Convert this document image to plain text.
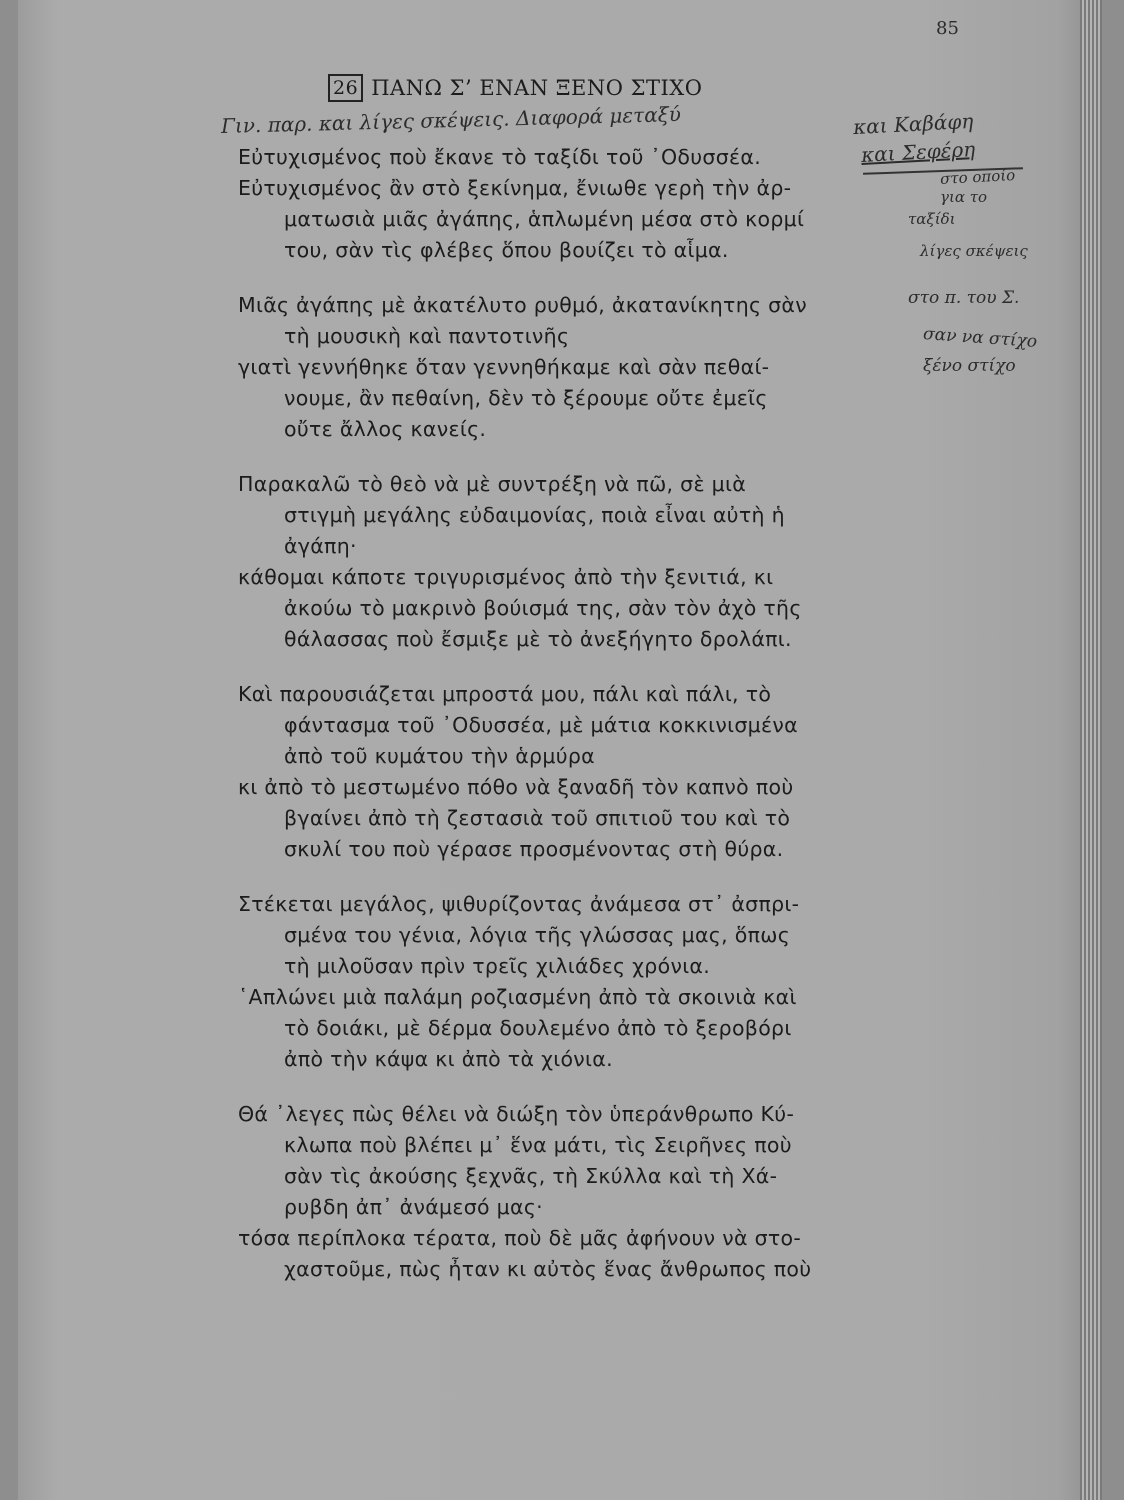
85
26 ΠΑΝΩ Σ’ ΕΝΑΝ ΞΕΝΟ ΣΤΙΧΟ
Γιν. παρ. και λίγες σκέψεις. Διαφορά μεταξύ	και Καβάφη
και Σεφέρη
στο οποίο
για το
ταξίδι
λίγες σκέψεις
στο π. του Σ.
σαν να στίχο
ξένο στίχο
Εὐτυχισμένος ποὺ ἔκανε τὸ ταξίδι τοῦ ᾿Οδυσσέα.
Εὐτυχισμένος ἂν στὸ ξεκίνημα, ἔνιωθε γερὴ τὴν ἀρ-
ματωσιὰ μιᾶς ἀγάπης, ἁπλωμένη μέσα στὸ κορμί
του, σὰν τὶς φλέβες ὅπου βουίζει τὸ αἷμα.
Μιᾶς ἀγάπης μὲ ἀκατέλυτο ρυθμό, ἀκατανίκητης σὰν
τὴ μουσικὴ καὶ παντοτινῆς
γιατὶ γεννήθηκε ὅταν γεννηθήκαμε καὶ σὰν πεθαί-
νουμε, ἂν πεθαίνη, δὲν τὸ ξέρουμε οὔτε ἐμεῖς
οὔτε ἄλλος κανείς.
Παρακαλῶ τὸ θεὸ νὰ μὲ συντρέξη νὰ πῶ, σὲ μιὰ
στιγμὴ μεγάλης εὐδαιμονίας, ποιὰ εἶναι αὐτὴ ἡ
ἀγάπη·
κάθομαι κάποτε τριγυρισμένος ἀπὸ τὴν ξενιτιά, κι
ἀκούω τὸ μακρινὸ βούισμά της, σὰν τὸν ἀχὸ τῆς
θάλασσας ποὺ ἔσμιξε μὲ τὸ ἀνεξήγητο δρολάπι.
Καὶ παρουσιάζεται μπροστά μου, πάλι καὶ πάλι, τὸ
φάντασμα τοῦ ᾿Οδυσσέα, μὲ μάτια κοκκινισμένα
ἀπὸ τοῦ κυμάτου τὴν ἁρμύρα
κι ἀπὸ τὸ μεστωμένο πόθο νὰ ξαναδῆ τὸν καπνὸ ποὺ
βγαίνει ἀπὸ τὴ ζεστασιὰ τοῦ σπιτιοῦ του καὶ τὸ
σκυλί του ποὺ γέρασε προσμένοντας στὴ θύρα.
Στέκεται μεγάλος, ψιθυρίζοντας ἀνάμεσα στ᾿ ἀσπρι-
σμένα του γένια, λόγια τῆς γλώσσας μας, ὅπως
τὴ μιλοῦσαν πρὶν τρεῖς χιλιάδες χρόνια.
῾Απλώνει μιὰ παλάμη ροζιασμένη ἀπὸ τὰ σκοινιὰ καὶ
τὸ δοιάκι, μὲ δέρμα δουλεμένο ἀπὸ τὸ ξεροβόρι
ἀπὸ τὴν κάψα κι ἀπὸ τὰ χιόνια.
Θά ᾿λεγες πὼς θέλει νὰ διώξη τὸν ὑπεράνθρωπο Κύ-
κλωπα ποὺ βλέπει μ᾿ ἕνα μάτι, τὶς Σειρῆνες ποὺ
σὰν τὶς ἀκούσης ξεχνᾶς, τὴ Σκύλλα καὶ τὴ Χά-
ρυβδη ἀπ᾿ ἀνάμεσό μας·
τόσα περίπλοκα τέρατα, ποὺ δὲ μᾶς ἀφήνουν νὰ στο-
χαστοῦμε, πὼς ἦταν κι αὐτὸς ἕνας ἄνθρωπος ποὺ
